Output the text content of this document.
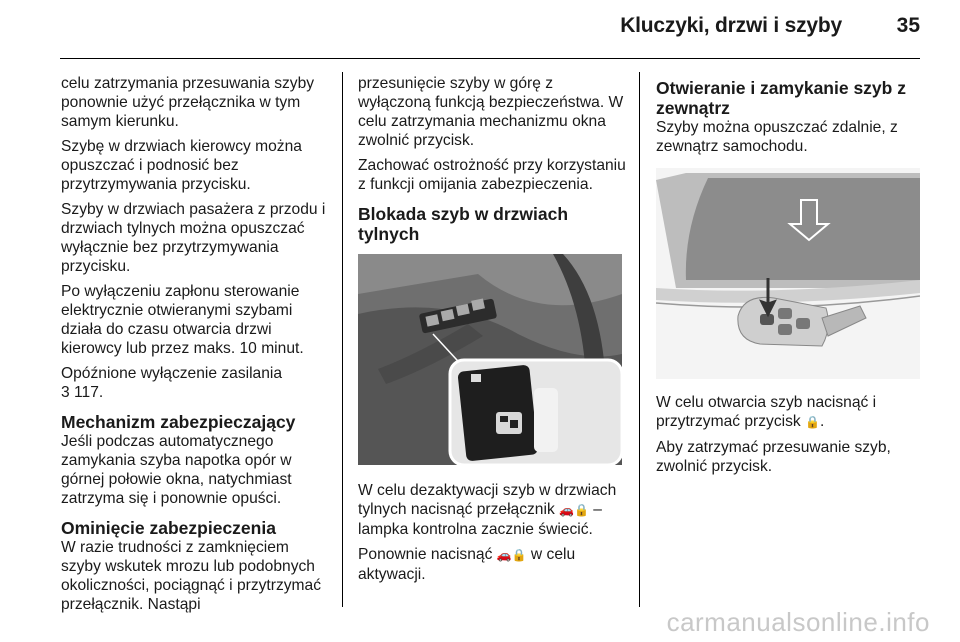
Kluczyki, drzwi i szyby	35

celu zatrzymania przesuwania szyby ponownie użyć przełącznika w tym samym kierunku.

Szybę w drzwiach kierowcy można opuszczać i podnosić bez przytrzymywania przycisku.

Szyby w drzwiach pasażera z przodu i drzwiach tylnych można opuszczać wyłącznie bez przytrzymywania przycisku.

Po wyłączeniu zapłonu sterowanie elektrycznie otwieranymi szybami działa do czasu otwarcia drzwi kierowcy lub przez maks. 10 minut.

Opóźnione wyłączenie zasilania
3 117.

Mechanizm zabezpieczający

Jeśli podczas automatycznego zamykania szyba napotka opór w górnej połowie okna, natychmiast zatrzyma się i ponownie opuści.

Ominięcie zabezpieczenia

W razie trudności z zamknięciem szyby wskutek mrozu lub podobnych okoliczności, pociągnąć i przytrzymać przełącznik. Nastąpi

przesunięcie szyby w górę z wyłączoną funkcją bezpieczeństwa. W celu zatrzymania mechanizmu okna zwolnić przycisk.

Zachować ostrożność przy korzystaniu z funkcji omijania zabezpieczenia.

Blokada szyb w drzwiach tylnych

W celu dezaktywacji szyb w drzwiach tylnych nacisnąć przełącznik 🚗🔒 – lampka kontrolna zacznie świecić.

Ponownie nacisnąć 🚗🔒 w celu aktywacji.

Otwieranie i zamykanie szyb z zewnątrz

Szyby można opuszczać zdalnie, z zewnątrz samochodu.

W celu otwarcia szyb nacisnąć i przytrzymać przycisk 🔒.

Aby zatrzymać przesuwanie szyb, zwolnić przycisk.

carmanualsonline.info
